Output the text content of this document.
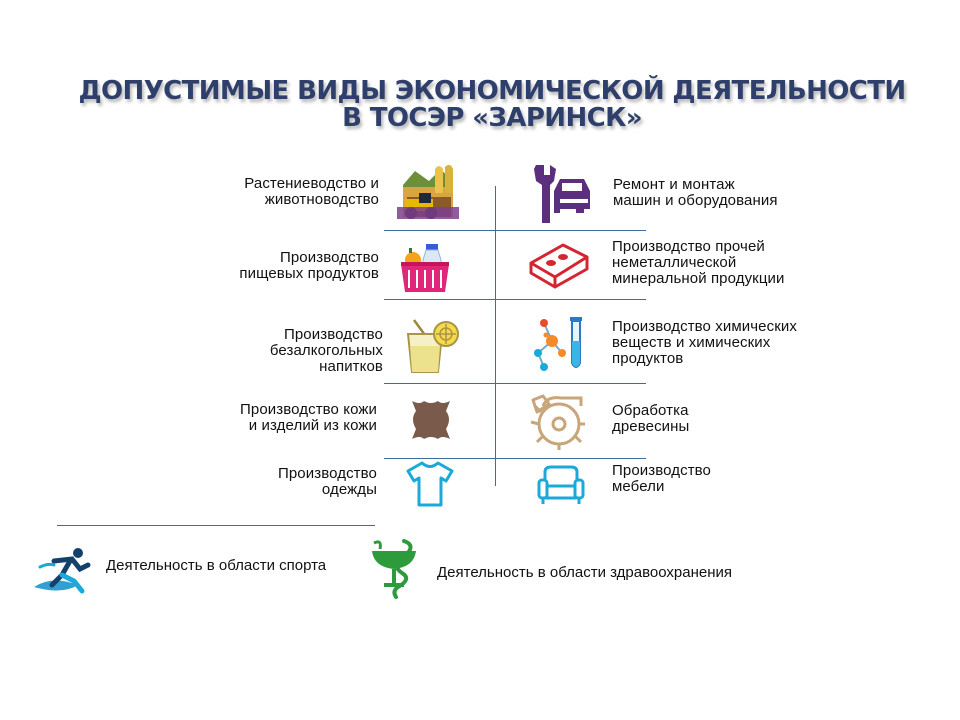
ДОПУСТИМЫЕ ВИДЫ ЭКОНОМИЧЕСКОЙ ДЕЯТЕЛЬНОСТИ
В ТОСЭР «ЗАРИНСК»
Растениеводство и
животноводство
Производство
пищевых продуктов
Производство
безалкогольных
напитков
Производство кожи
и изделий из кожи
Производство
одежды
Ремонт и монтаж
машин и оборудования
Производство прочей
неметаллической
минеральной продукции
Производство химических
веществ и химических
продуктов
Обработка
древесины
Производство
мебели
Деятельность в области спорта	Деятельность в области здравоохранения
